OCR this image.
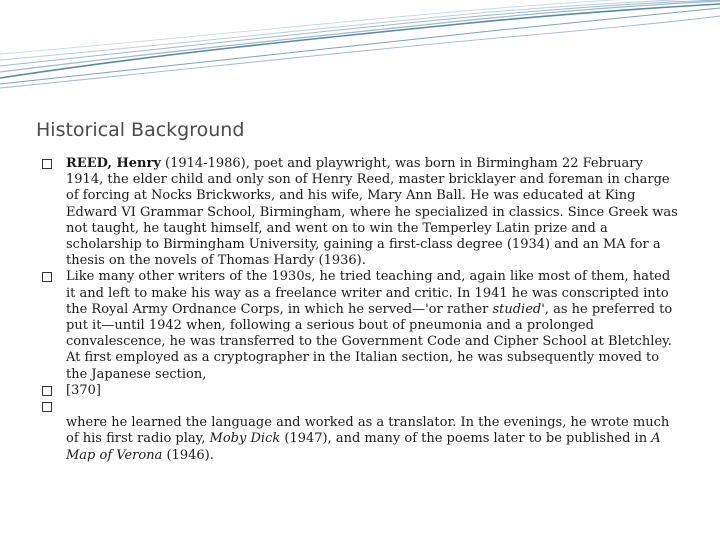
Historical Background
REED, Henry (1914-1986), poet and playwright, was born in Birmingham 22 February 1914, the elder child and only son of Henry Reed, master bricklayer and foreman in charge of forcing at Nocks Brickworks, and his wife, Mary Ann Ball. He was educated at King Edward VI Grammar School, Birmingham, where he specialized in classics. Since Greek was not taught, he taught himself, and went on to win the Temperley Latin prize and a scholarship to Birmingham University, gaining a first-class degree (1934) and an MA for a thesis on the novels of Thomas Hardy (1936).
Like many other writers of the 1930s, he tried teaching and, again like most of them, hated it and left to make his way as a freelance writer and critic. In 1941 he was conscripted into the Royal Army Ordnance Corps, in which he served—'or rather studied', as he preferred to put it—until 1942 when, following a serious bout of pneumonia and a prolonged convalescence, he was transferred to the Government Code and Cipher School at Bletchley. At first employed as a cryptographer in the Italian section, he was subsequently moved to the Japanese section,
[370]
where he learned the language and worked as a translator. In the evenings, he wrote much of his first radio play, Moby Dick (1947), and many of the poems later to be published in A Map of Verona (1946).
